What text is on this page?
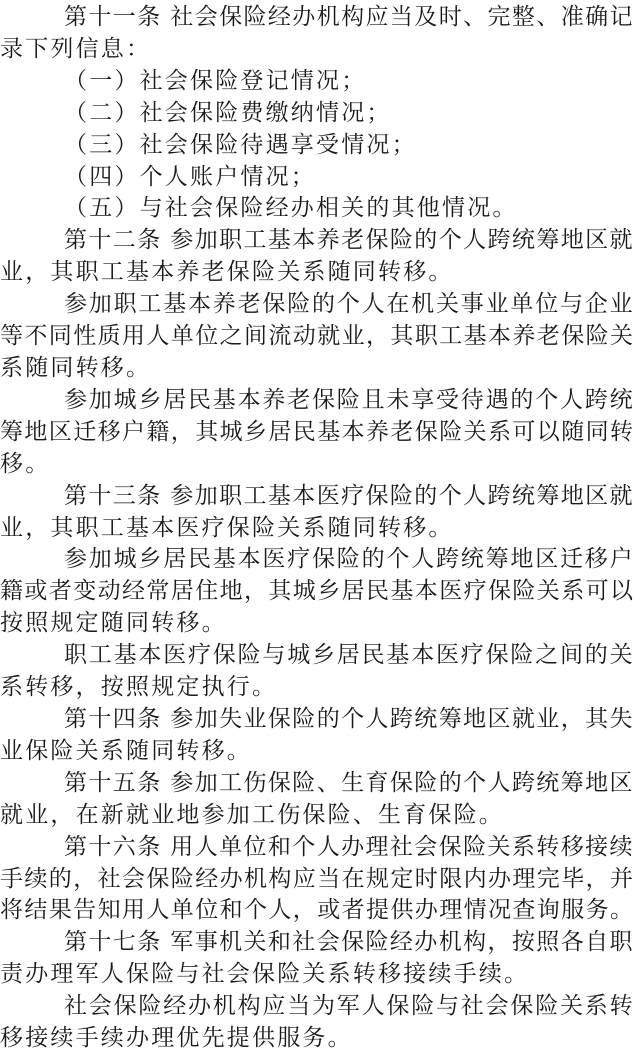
第十一条 社会保险经办机构应当及时、完整、准确记
录下列信息：
（一）社会保险登记情况；
（二）社会保险费缴纳情况；
（三）社会保险待遇享受情况；
（四）个人账户情况；
（五）与社会保险经办相关的其他情况。
第十二条 参加职工基本养老保险的个人跨统筹地区就
业，其职工基本养老保险关系随同转移。
参加职工基本养老保险的个人在机关事业单位与企业
等不同性质用人单位之间流动就业，其职工基本养老保险关
系随同转移。
参加城乡居民基本养老保险且未享受待遇的个人跨统
筹地区迁移户籍，其城乡居民基本养老保险关系可以随同转
移。
第十三条 参加职工基本医疗保险的个人跨统筹地区就
业，其职工基本医疗保险关系随同转移。
参加城乡居民基本医疗保险的个人跨统筹地区迁移户
籍或者变动经常居住地，其城乡居民基本医疗保险关系可以
按照规定随同转移。
职工基本医疗保险与城乡居民基本医疗保险之间的关
系转移，按照规定执行。
第十四条 参加失业保险的个人跨统筹地区就业，其失
业保险关系随同转移。
第十五条 参加工伤保险、生育保险的个人跨统筹地区
就业，在新就业地参加工伤保险、生育保险。
第十六条 用人单位和个人办理社会保险关系转移接续
手续的，社会保险经办机构应当在规定时限内办理完毕，并
将结果告知用人单位和个人，或者提供办理情况查询服务。
第十七条 军事机关和社会保险经办机构，按照各自职
责办理军人保险与社会保险关系转移接续手续。
社会保险经办机构应当为军人保险与社会保险关系转
移接续手续办理优先提供服务。
